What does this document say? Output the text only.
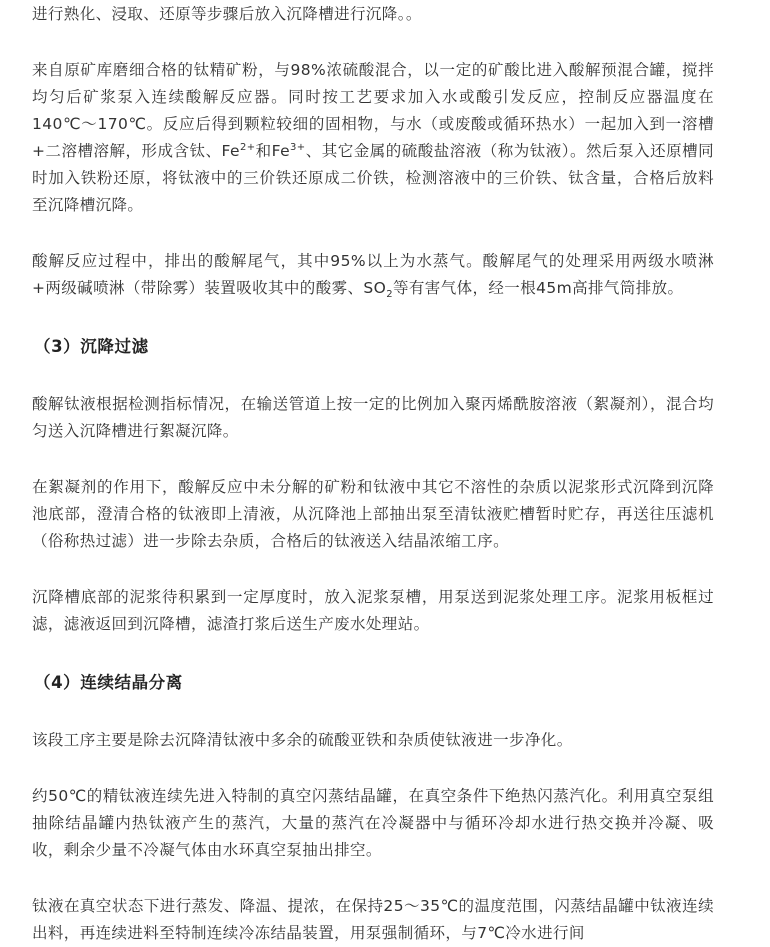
进行熟化、浸取、还原等步骤后放入沉降槽进行沉降。。

来自原矿库磨细合格的钛精矿粉，与98%浓硫酸混合，以一定的矿酸比进入酸解预混合罐，搅拌均匀后矿浆泵入连续酸解反应器。同时按工艺要求加入水或酸引发反应，控制反应器温度在140℃～170℃。反应后得到颗粒较细的固相物，与水（或废酸或循环热水）一起加入到一溶槽+二溶槽溶解，形成含钛、$Fe^{2+}$和$Fe^{3+}$、其它金属的硫酸盐溶液（称为钛液）。然后泵入还原槽同时加入铁粉还原，将钛液中的三价铁还原成二价铁，检测溶液中的三价铁、钛含量，合格后放料至沉降槽沉降。

酸解反应过程中，排出的酸解尾气，其中95%以上为水蒸气。酸解尾气的处理采用两级水喷淋+两级碱喷淋（带除雾）装置吸收其中的酸雾、$SO_2$等有害气体，经一根45m高排气筒排放。

（3）沉降过滤

酸解钛液根据检测指标情况，在输送管道上按一定的比例加入聚丙烯酰胺溶液（絮凝剂），混合均匀送入沉降槽进行絮凝沉降。

在絮凝剂的作用下，酸解反应中未分解的矿粉和钛液中其它不溶性的杂质以泥浆形式沉降到沉降池底部，澄清合格的钛液即上清液，从沉降池上部抽出泵至清钛液贮槽暂时贮存，再送往压滤机（俗称热过滤）进一步除去杂质，合格后的钛液送入结晶浓缩工序。

沉降槽底部的泥浆待积累到一定厚度时，放入泥浆泵槽，用泵送到泥浆处理工序。泥浆用板框过滤，滤液返回到沉降槽，滤渣打浆后送生产废水处理站。

（4）连续结晶分离

该段工序主要是除去沉降清钛液中多余的硫酸亚铁和杂质使钛液进一步净化。

约50℃的精钛液连续先进入特制的真空闪蒸结晶罐，在真空条件下绝热闪蒸汽化。利用真空泵组抽除结晶罐内热钛液产生的蒸汽，大量的蒸汽在冷凝器中与循环冷却水进行热交换并冷凝、吸收，剩余少量不冷凝气体由水环真空泵抽出排空。

钛液在真空状态下进行蒸发、降温、提浓，在保持25～35℃的温度范围，闪蒸结晶罐中钛液连续出料，再连续进料至特制连续冷冻结晶装置，用泵强制循环，与7℃冷水进行间
